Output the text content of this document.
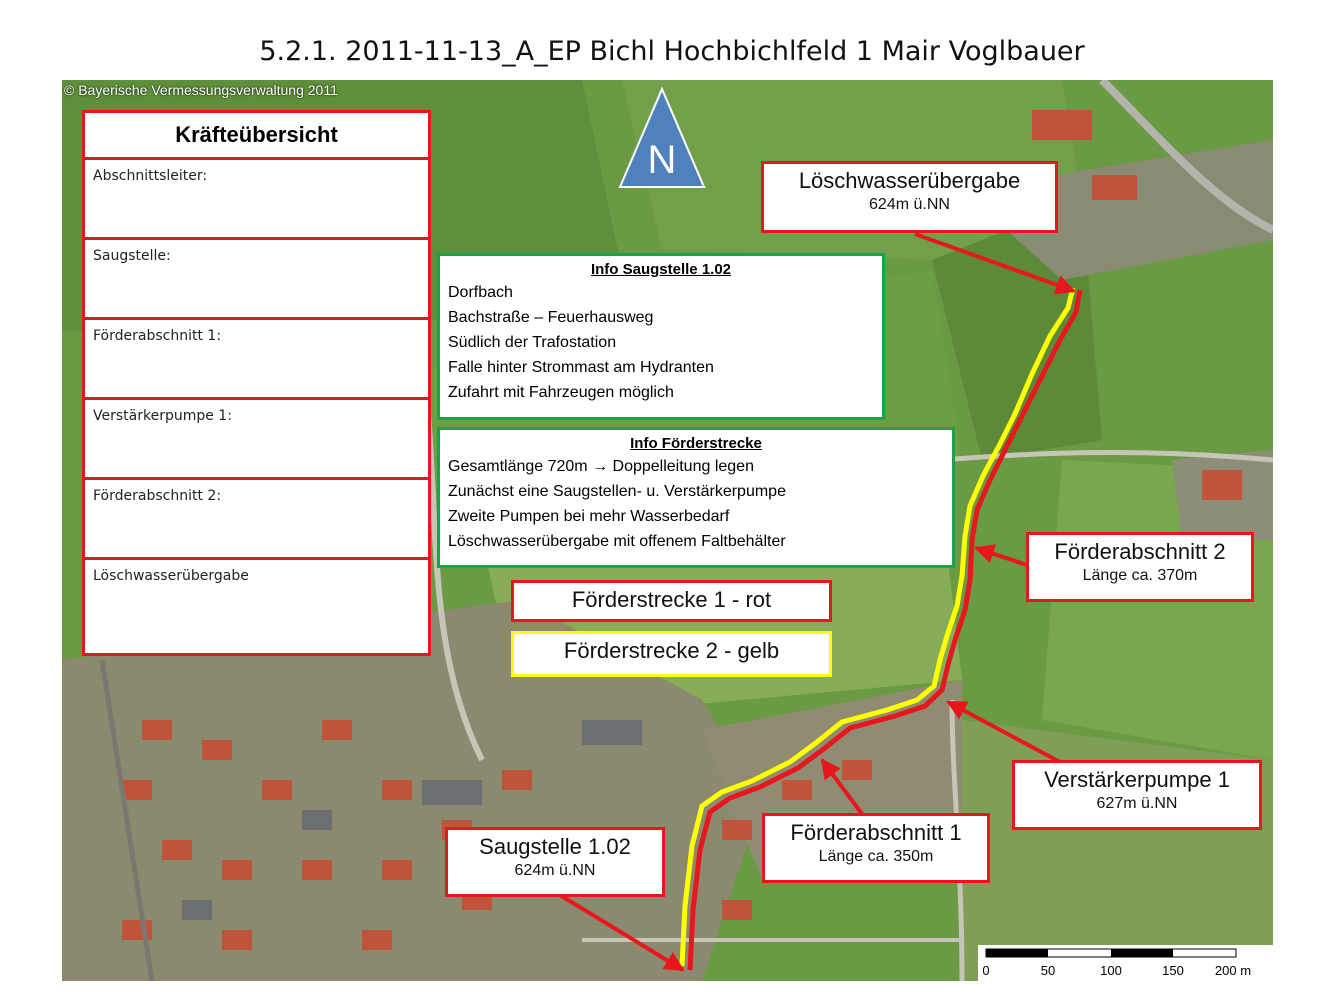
5.2.1. 2011-11-13_A_EP Bichl Hochbichlfeld 1 Mair Voglbauer
© Bayerische Vermessungsverwaltung 2011
N
Kräfteübersicht
Abschnittsleiter:
Saugstelle:
Förderabschnitt 1:
Verstärkerpumpe 1:
Förderabschnitt 2:
Löschwasserübergabe
Info Saugstelle 1.02
Dorfbach
Bachstraße – Feuerhausweg
Südlich der Trafostation
Falle hinter Strommast am Hydranten
Zufahrt mit Fahrzeugen möglich
Info Förderstrecke
Gesamtlänge 720m → Doppelleitung legen
Zunächst eine Saugstellen- u. Verstärkerpumpe
Zweite Pumpen bei mehr Wasserbedarf
Löschwasserübergabe mit offenem Faltbehälter
Förderstrecke 1 - rot
Förderstrecke 2 - gelb
Löschwasserübergabe
624m ü.NN
Förderabschnitt 2
Länge ca. 370m
Verstärkerpumpe 1
627m ü.NN
Förderabschnitt 1
Länge ca. 350m
Saugstelle 1.02
624m ü.NN
0	50	100	150 200 m
